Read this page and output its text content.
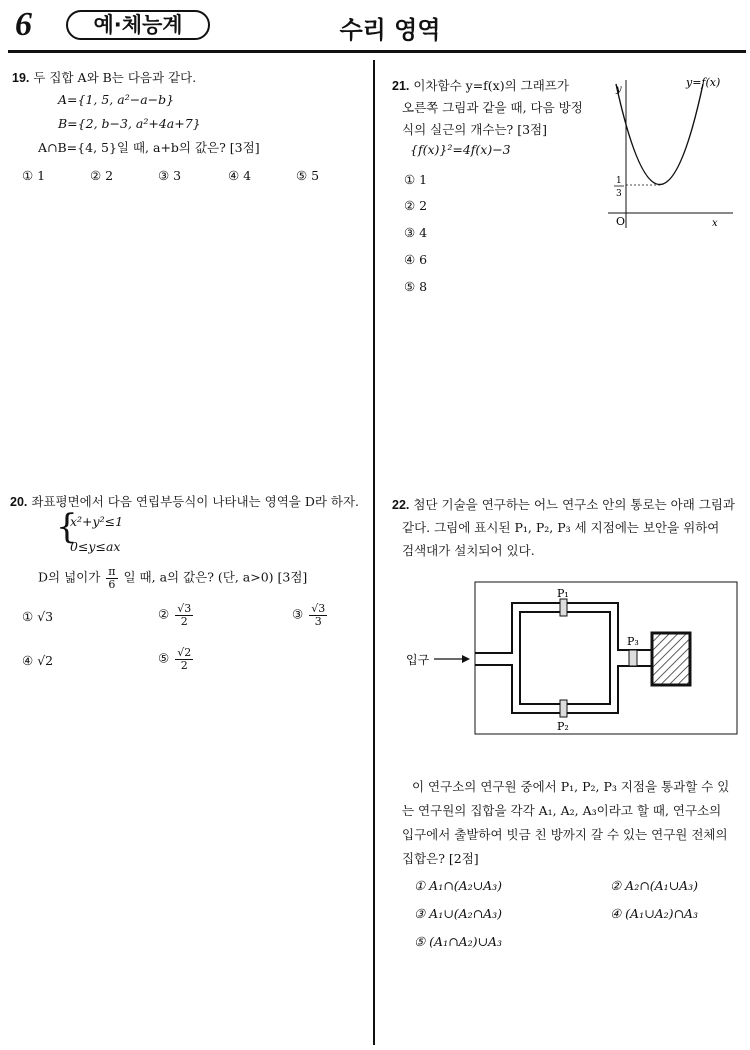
6	예·체능계	수리 영역
19. 두 집합 A와 B는 다음과 같다.
A={1, 5, a²−a−b}
B={2, b−3, a²+4a+7}
A∩B={4, 5}일 때, a+b의 값은? [3점]
① 1	② 2	③ 3	④ 4	⑤ 5
20. 좌표평면에서 다음 연립부등식이 나타내는 영역을 D라 하자.
{
x²+y²≤1
0≤y≤ax
D의 넓이가 $\frac{\pi}{6}$ 일 때, a의 값은? (단, a>0) [3점]
① √3	② $\frac{√3}{2}$	③ $\frac{√3}{3}$
④ √2	⑤ $\frac{√2}{2}$
21. 이차함수 y=f(x)의 그래프가
오른쪽 그림과 같을 때, 다음 방정
식의 실근의 개수는? [3점]
{f(x)}²=4f(x)−3
① 1
② 2
③ 4
④ 6
⑤ 8
y=f(x)
y
x
O
1
3
22. 첨단 기술을 연구하는 어느 연구소 안의 통로는 아래 그림과
같다. 그림에 표시된 P₁, P₂, P₃ 세 지점에는 보안을 위하여
검색대가 설치되어 있다.
입구
P₁
P₂
P₃
이 연구소의 연구원 중에서 P₁, P₂, P₃ 지점을 통과할 수 있
는 연구원의 집합을 각각 A₁, A₂, A₃이라고 할 때, 연구소의
입구에서 출발하여 빗금 친 방까지 갈 수 있는 연구원 전체의
집합은? [2점]
① A₁∩(A₂∪A₃)	② A₂∩(A₁∪A₃)
③ A₁∪(A₂∩A₃)	④ (A₁∪A₂)∩A₃
⑤ (A₁∩A₂)∪A₃
